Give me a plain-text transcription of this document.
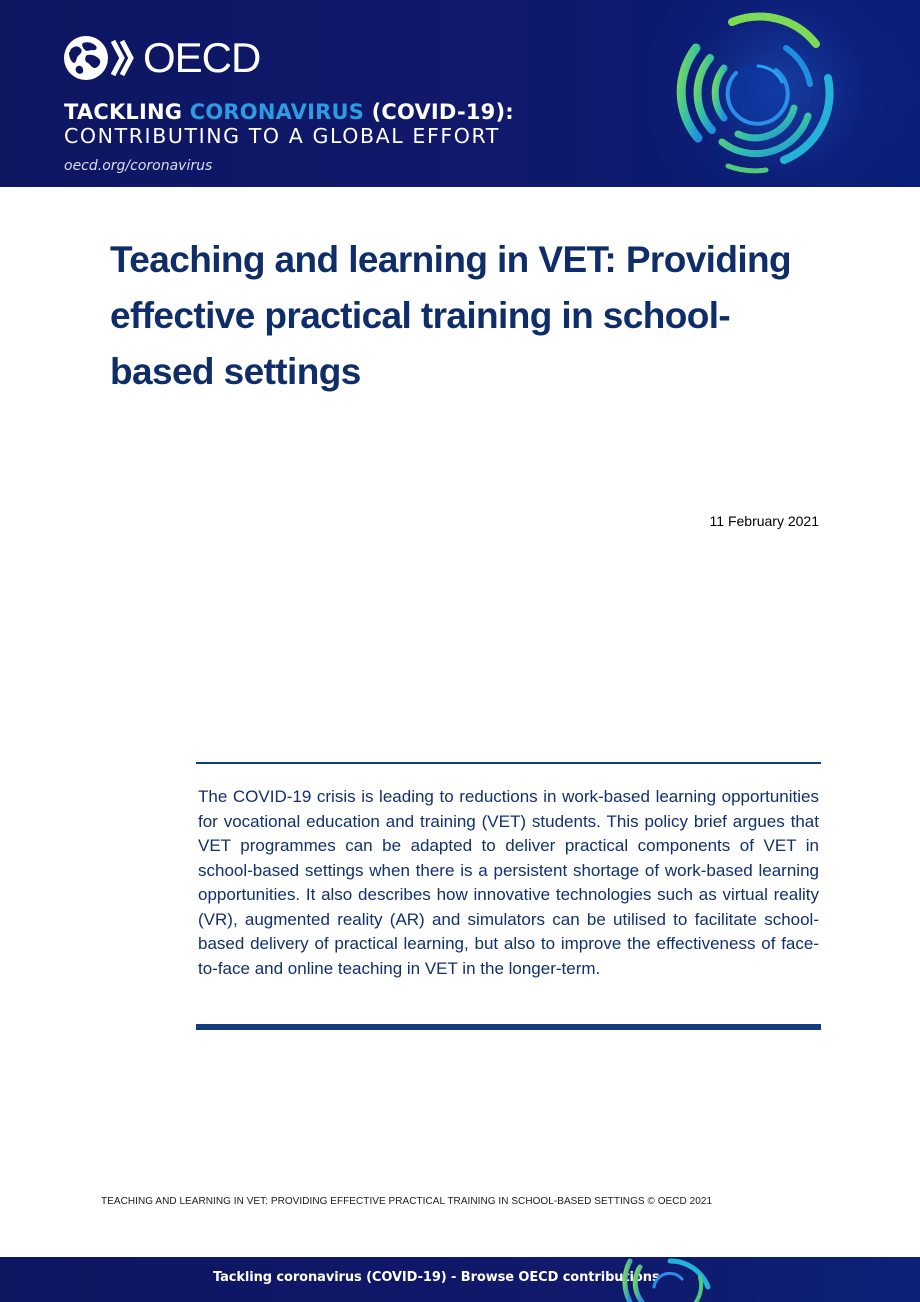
OECD
TACKLING CORONAVIRUS (COVID-19):
CONTRIBUTING TO A GLOBAL EFFORT
oecd.org/coronavirus
Teaching and learning in VET: Providing effective practical training in school-based settings
11 February 2021
The COVID-19 crisis is leading to reductions in work-based learning opportunities for vocational education and training (VET) students. This policy brief argues that VET programmes can be adapted to deliver practical components of VET in school-based settings when there is a persistent shortage of work-based learning opportunities. It also describes how innovative technologies such as virtual reality (VR), augmented reality (AR) and simulators can be utilised to facilitate school-based delivery of practical learning, but also to improve the effectiveness of face-to-face and online teaching in VET in the longer-term.
TEACHING AND LEARNING IN VET: PROVIDING EFFECTIVE PRACTICAL TRAINING IN SCHOOL-BASED SETTINGS © OECD 2021
Tackling coronavirus (COVID-19) - Browse OECD contributions
